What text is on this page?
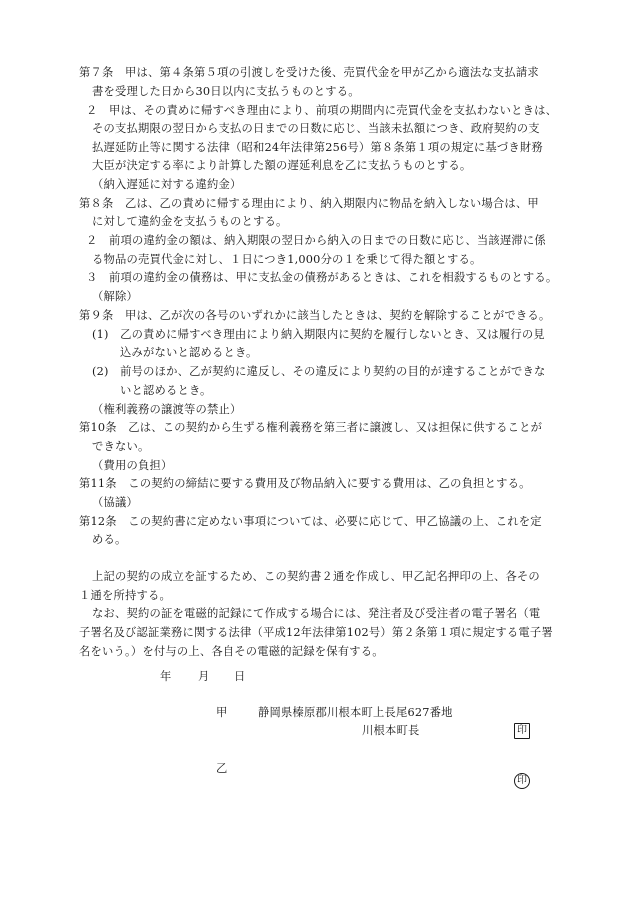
第７条　甲は、第４条第５項の引渡しを受けた後、売買代金を甲が乙から適法な支払請求
書を受理した日から30日以内に支払うものとする。
２　甲は、その責めに帰すべき理由により、前項の期間内に売買代金を支払わないときは、
その支払期限の翌日から支払の日までの日数に応じ、当該未払額につき、政府契約の支
払遅延防止等に関する法律（昭和24年法律第256号）第８条第１項の規定に基づき財務
大臣が決定する率により計算した額の遅延利息を乙に支払うものとする。
（納入遅延に対する違約金）
第８条　乙は、乙の責めに帰する理由により、納入期限内に物品を納入しない場合は、甲
に対して違約金を支払うものとする。
２　前項の違約金の額は、納入期限の翌日から納入の日までの日数に応じ、当該遅滞に係
る物品の売買代金に対し、１日につき1,000分の１を乗じて得た額とする。
３　前項の違約金の債務は、甲に支払金の債務があるときは、これを相殺するものとする。
（解除）
第９条　甲は、乙が次の各号のいずれかに該当したときは、契約を解除することができる。
(1)　乙の責めに帰すべき理由により納入期限内に契約を履行しないとき、又は履行の見
込みがないと認めるとき。
(2)　前号のほか、乙が契約に違反し、その違反により契約の目的が達することができな
いと認めるとき。
（権利義務の譲渡等の禁止）
第10条　乙は、この契約から生ずる権利義務を第三者に譲渡し、又は担保に供することが
できない。
（費用の負担）
第11条　この契約の締結に要する費用及び物品納入に要する費用は、乙の負担とする。
（協議）
第12条　この契約書に定めない事項については、必要に応じて、甲乙協議の上、これを定
める。
上記の契約の成立を証するため、この契約書２通を作成し、甲乙記名押印の上、各その
１通を所持する。
なお、契約の証を電磁的記録にて作成する場合には、発注者及び受注者の電子署名（電
子署名及び認証業務に関する法律（平成12年法律第102号）第２条第１項に規定する電子署
名をいう。）を付与の上、各自その電磁的記録を保有する。
年 月 日
甲	静岡県榛原郡川根本町上長尾627番地
川根本町長	印
乙
印
